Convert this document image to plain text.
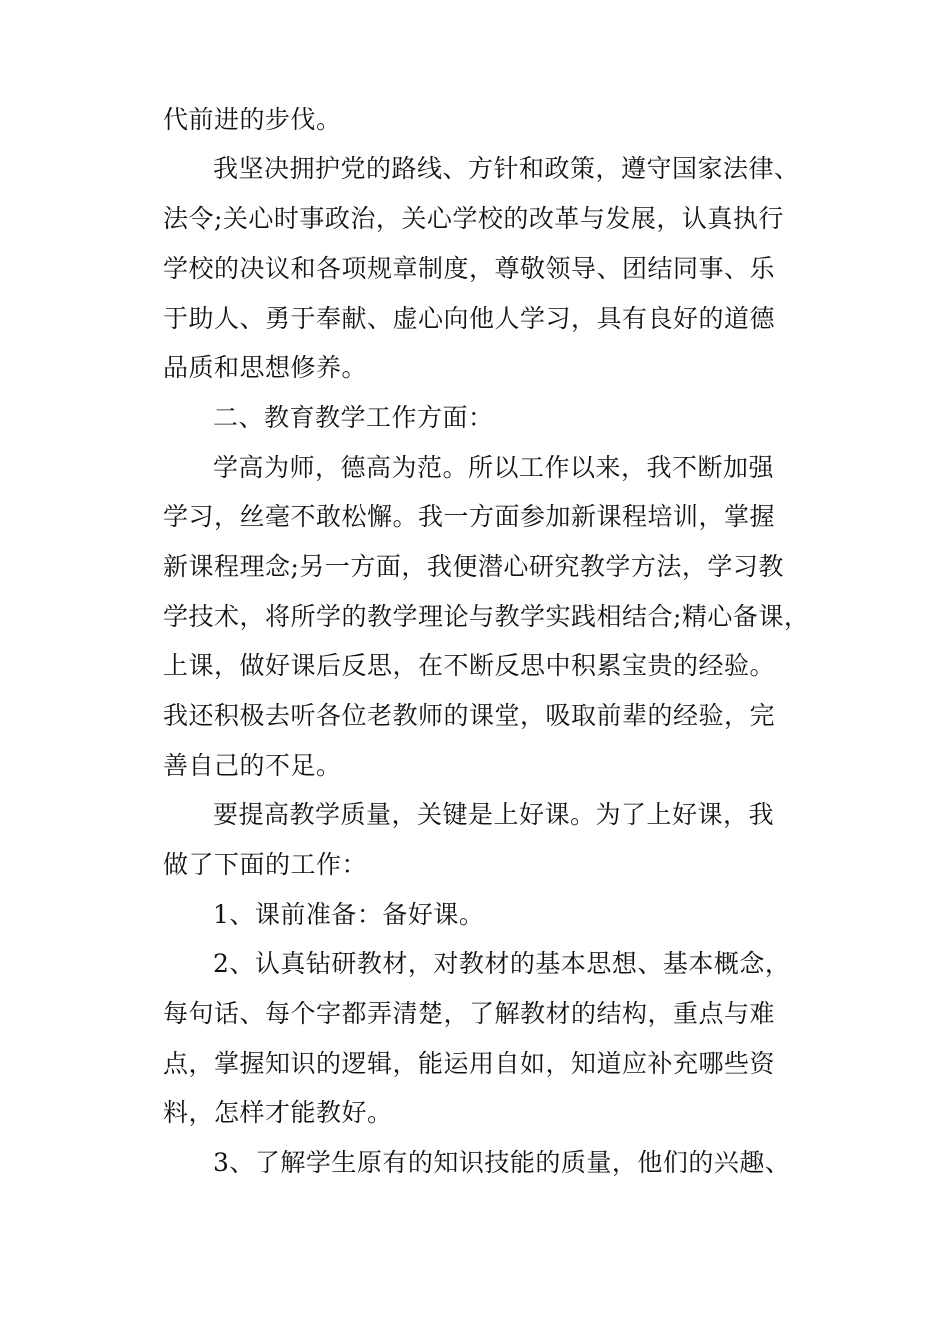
代前进的步伐。
我坚决拥护党的路线、方针和政策，遵守国家法律、
法令;关心时事政治，关心学校的改革与发展，认真执行
学校的决议和各项规章制度，尊敬领导、团结同事、乐
于助人、勇于奉献、虚心向他人学习，具有良好的道德
品质和思想修养。
二、教育教学工作方面：
学高为师，德高为范。所以工作以来，我不断加强
学习，丝毫不敢松懈。我一方面参加新课程培训，掌握
新课程理念;另一方面，我便潜心研究教学方法，学习教
学技术，将所学的教学理论与教学实践相结合;精心备课，
上课，做好课后反思，在不断反思中积累宝贵的经验。
我还积极去听各位老教师的课堂，吸取前辈的经验，完
善自己的不足。
要提高教学质量，关键是上好课。为了上好课，我
做了下面的工作：
1、课前准备：备好课。
2、认真钻研教材，对教材的基本思想、基本概念，
每句话、每个字都弄清楚，了解教材的结构，重点与难
点，掌握知识的逻辑，能运用自如，知道应补充哪些资
料，怎样才能教好。
3、了解学生原有的知识技能的质量，他们的兴趣、
